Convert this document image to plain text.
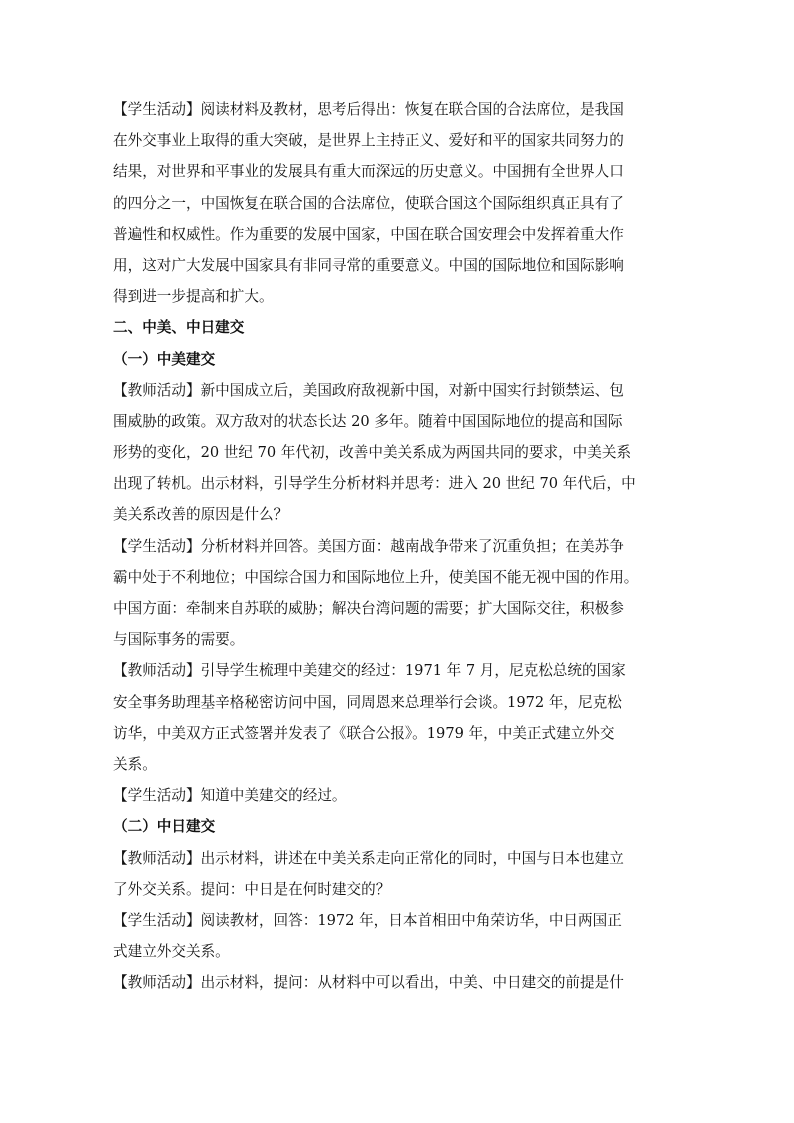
【学生活动】阅读材料及教材，思考后得出：恢复在联合国的合法席位，是我国
在外交事业上取得的重大突破，是世界上主持正义、爱好和平的国家共同努力的
结果，对世界和平事业的发展具有重大而深远的历史意义。中国拥有全世界人口
的四分之一，中国恢复在联合国的合法席位，使联合国这个国际组织真正具有了
普遍性和权威性。作为重要的发展中国家，中国在联合国安理会中发挥着重大作
用，这对广大发展中国家具有非同寻常的重要意义。中国的国际地位和国际影响
得到进一步提高和扩大。
二、中美、中日建交
（一）中美建交
【教师活动】新中国成立后，美国政府敌视新中国，对新中国实行封锁禁运、包
围威胁的政策。双方敌对的状态长达 20 多年。随着中国国际地位的提高和国际
形势的变化，20 世纪 70 年代初，改善中美关系成为两国共同的要求，中美关系
出现了转机。出示材料，引导学生分析材料并思考：进入 20 世纪 70 年代后，中
美关系改善的原因是什么？
【学生活动】分析材料并回答。美国方面：越南战争带来了沉重负担；在美苏争
霸中处于不利地位；中国综合国力和国际地位上升，使美国不能无视中国的作用。
中国方面：牵制来自苏联的威胁；解决台湾问题的需要；扩大国际交往，积极参
与国际事务的需要。
【教师活动】引导学生梳理中美建交的经过：1971 年 7 月，尼克松总统的国家
安全事务助理基辛格秘密访问中国，同周恩来总理举行会谈。1972 年，尼克松
访华，中美双方正式签署并发表了《联合公报》。1979 年，中美正式建立外交
关系。
【学生活动】知道中美建交的经过。
（二）中日建交
【教师活动】出示材料，讲述在中美关系走向正常化的同时，中国与日本也建立
了外交关系。提问：中日是在何时建交的？
【学生活动】阅读教材，回答：1972 年，日本首相田中角荣访华，中日两国正
式建立外交关系。
【教师活动】出示材料，提问：从材料中可以看出，中美、中日建交的前提是什
